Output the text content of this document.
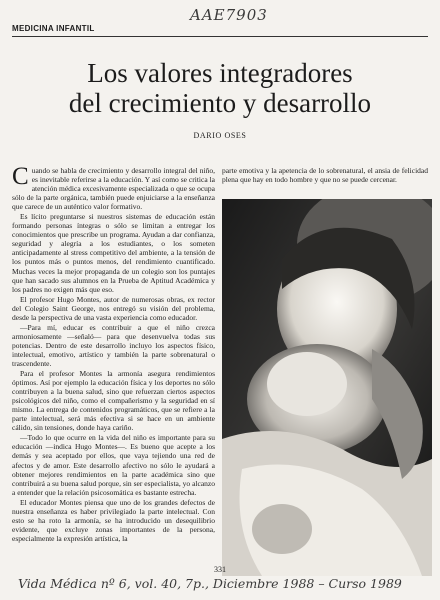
AAE7903
MEDICINA INFANTIL
Los valores integradores
del crecimiento y desarrollo
DARIO OSES

Cuando se habla de crecimiento y desarrollo integral del niño, es inevitable referirse a la educación. Y así como se critica la atención médica excesivamente especializada o que se ocupa sólo de la parte orgánica, también puede enjuiciarse a la enseñanza que carece de un auténtico valor formativo.

Es lícito preguntarse si nuestros sistemas de educación están formando personas íntegras o sólo se limitan a entregar los conocimientos que prescribe un programa. Ayudan a dar confianza, seguridad y alegría a los estudiantes, o los someten anticipadamente al stress competitivo del ambiente, a la tensión de los puntos más o puntos menos, del rendimiento cuantificado. Muchas veces la mejor propaganda de un colegio son los puntajes que han sacado sus alumnos en la Prueba de Aptitud Académica y los padres no exigen más que eso.

El profesor Hugo Montes, autor de numerosas obras, ex rector del Colegio Saint George, nos entregó su visión del problema, desde la perspectiva de una vasta experiencia como educador.

—Para mí, educar es contribuir a que el niño crezca armoniosamente —señaló— para que desenvuelva todas sus potencias. Dentro de este desarrollo incluyo los aspectos físico, intelectual, emotivo, artístico y también la parte sobrenatural o trascendente.

Para el profesor Montes la armonía asegura rendimientos óptimos. Así por ejemplo la educación física y los deportes no sólo contribuyen a la buena salud, sino que refuerzan ciertos aspectos psicológicos del niño, como el compañerismo y la seguridad en sí mismo. La entrega de contenidos programáticos, que se refiere a la parte intelectual, será más efectiva si se hace en un ambiente cálido, sin tensiones, donde haya cariño.

—Todo lo que ocurre en la vida del niño es importante para su educación —indica Hugo Montes—. Es bueno que acepte a los demás y sea aceptado por ellos, que vaya tejiendo una red de afectos y de amor. Este desarrollo afectivo no sólo le ayudará a obtener mejores rendimientos en la parte académica sino que contribuirá a su buena salud porque, sin ser especialista, yo alcanzo a entender que la relación psicosomática es bastante estrecha.

El educador Montes piensa que uno de los grandes defectos de nuestra enseñanza es haber privilegiado la parte intelectual. Con esto se ha roto la armonía, se ha introducido un desequilibrio evidente, que excluye zonas importantes de la persona, especialmente la expresión artística, la

parte emotiva y la apetencia de lo sobrenatural, el ansia de felicidad plena que hay en todo hombre y que no se puede cercenar.

331
Vida Médica nº 6, vol. 40, 7p., Diciembre 1988 – Curso 1989
